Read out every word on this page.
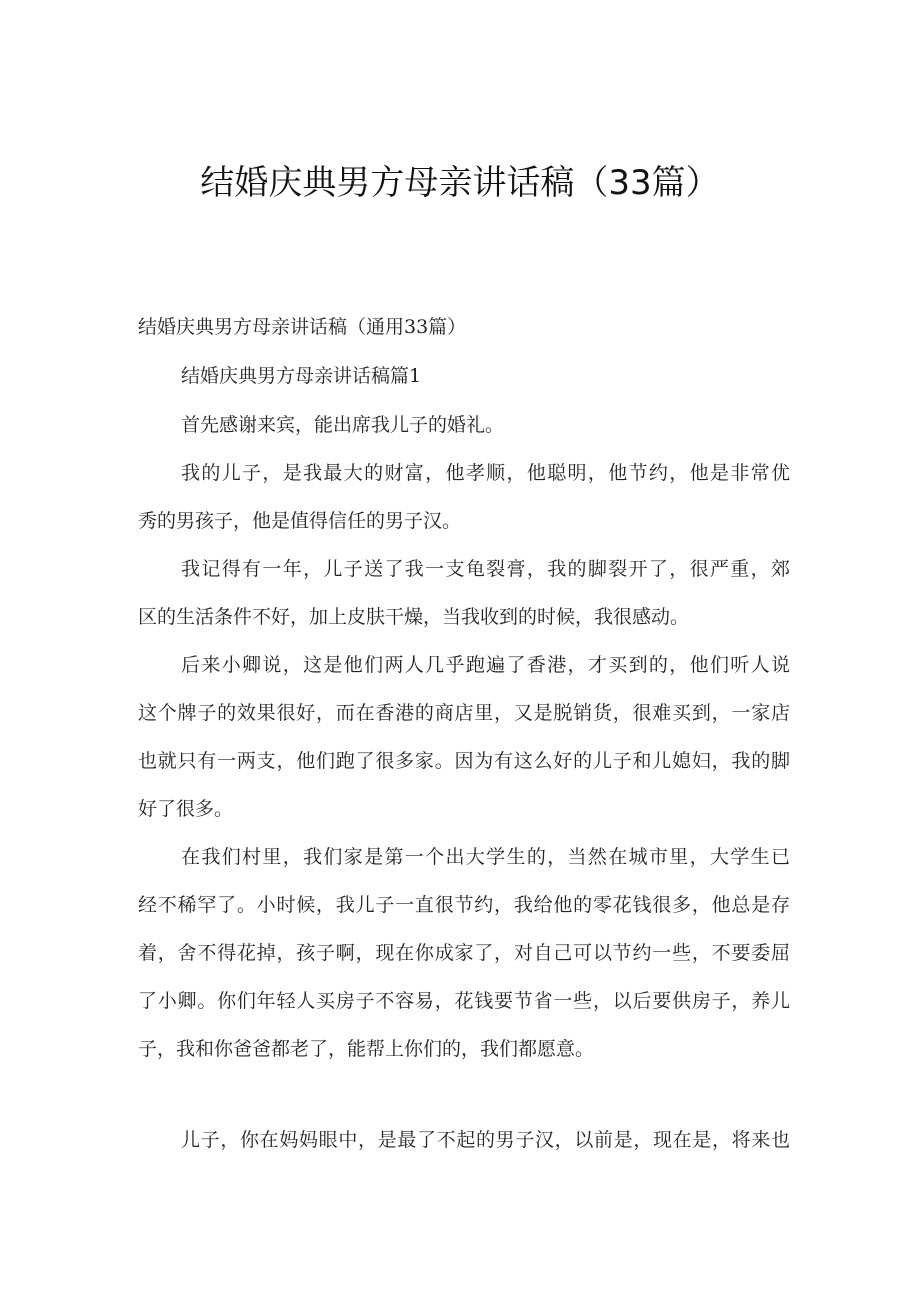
结婚庆典男方母亲讲话稿（33篇）
结婚庆典男方母亲讲话稿（通用33篇）
结婚庆典男方母亲讲话稿篇1
首先感谢来宾，能出席我儿子的婚礼。
我的儿子，是我最大的财富，他孝顺，他聪明，他节约，他是非常优
秀的男孩子，他是值得信任的男子汉。
我记得有一年，儿子送了我一支龟裂膏，我的脚裂开了，很严重，郊
区的生活条件不好，加上皮肤干燥，当我收到的时候，我很感动。
后来小卿说，这是他们两人几乎跑遍了香港，才买到的，他们听人说
这个牌子的效果很好，而在香港的商店里，又是脱销货，很难买到，一家店
也就只有一两支，他们跑了很多家。因为有这么好的儿子和儿媳妇，我的脚
好了很多。
在我们村里，我们家是第一个出大学生的，当然在城市里，大学生已
经不稀罕了。小时候，我儿子一直很节约，我给他的零花钱很多，他总是存
着，舍不得花掉，孩子啊，现在你成家了，对自己可以节约一些，不要委屈
了小卿。你们年轻人买房子不容易，花钱要节省一些，以后要供房子，养儿
子，我和你爸爸都老了，能帮上你们的，我们都愿意。
儿子，你在妈妈眼中，是最了不起的男子汉，以前是，现在是，将来也
